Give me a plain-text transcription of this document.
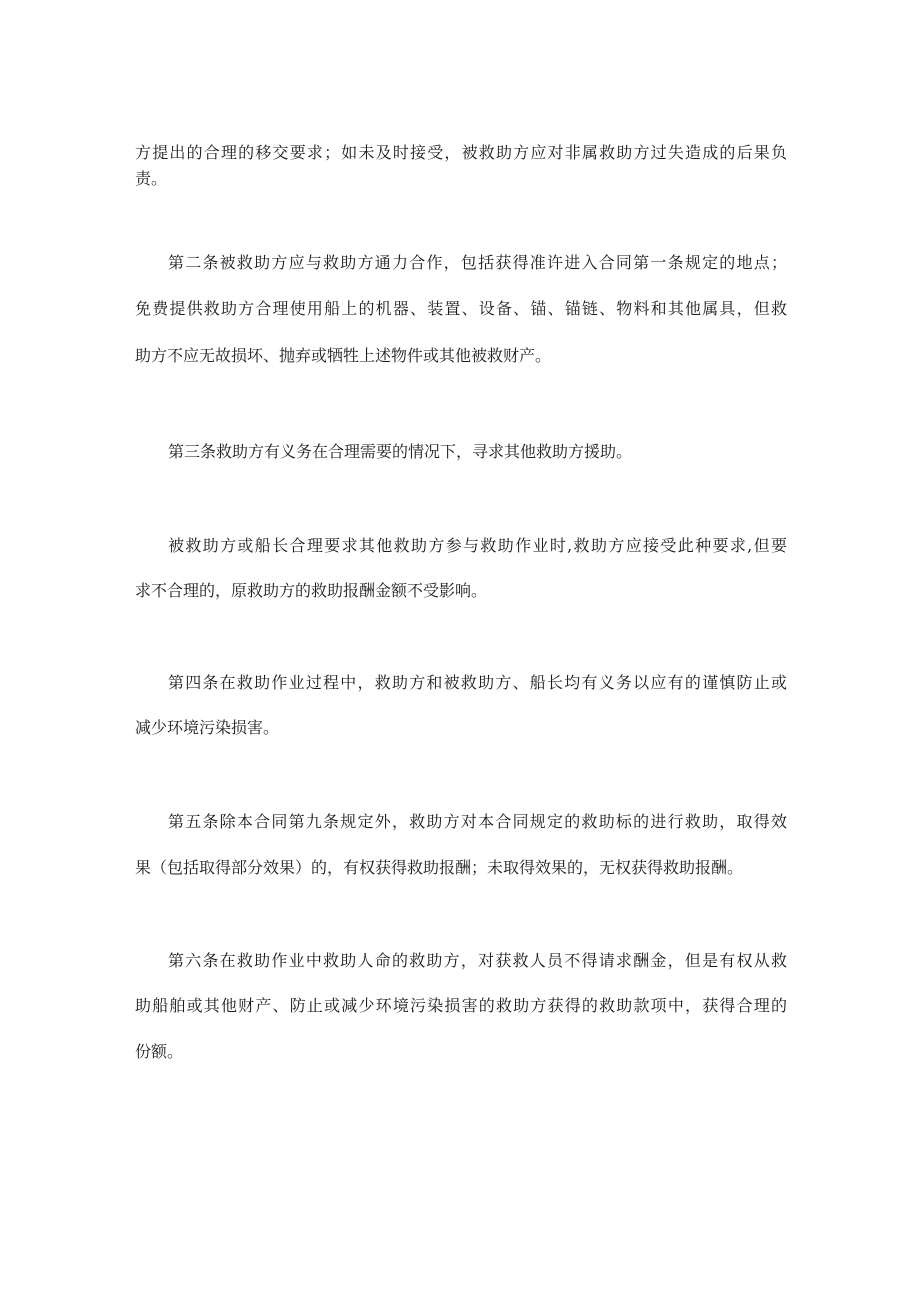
方提出的合理的移交要求；如未及时接受，被救助方应对非属救助方过失造成的后果负
责。
第二条被救助方应与救助方通力合作，包括获得准许进入合同第一条规定的地点；
免费提供救助方合理使用船上的机器、装置、设备、锚、锚链、物料和其他属具，但救
助方不应无故损坏、抛弃或牺牲上述物件或其他被救财产。
第三条救助方有义务在合理需要的情况下，寻求其他救助方援助。
被救助方或船长合理要求其他救助方参与救助作业时,救助方应接受此种要求,但要
求不合理的，原救助方的救助报酬金额不受影响。
第四条在救助作业过程中，救助方和被救助方、船长均有义务以应有的谨慎防止或
减少环境污染损害。
第五条除本合同第九条规定外，救助方对本合同规定的救助标的进行救助，取得效
果（包括取得部分效果）的，有权获得救助报酬；未取得效果的，无权获得救助报酬。
第六条在救助作业中救助人命的救助方，对获救人员不得请求酬金，但是有权从救
助船舶或其他财产、防止或减少环境污染损害的救助方获得的救助款项中，获得合理的
份额。
